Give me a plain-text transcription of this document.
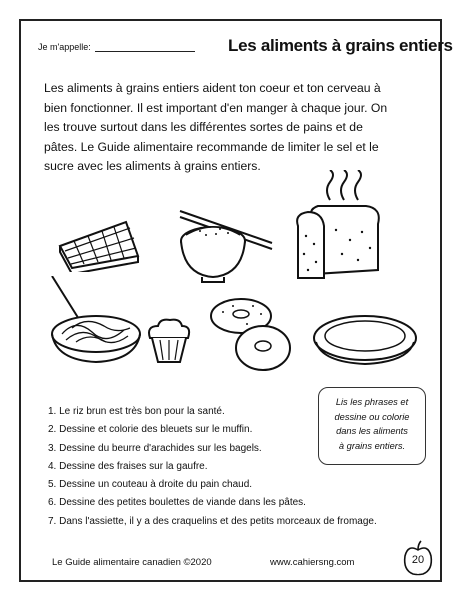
Je m'appelle:	Les aliments à grains entiers
Les aliments à grains entiers aident ton coeur et ton cerveau à
bien fonctionner. Il est important d'en manger à chaque jour. On
les trouve surtout dans les différentes sortes de pains et de
pâtes. Le Guide alimentaire recommande de limiter le sel et le
sucre avec les aliments à grains entiers.
1. Le riz brun est très bon pour la santé.
2. Dessine et colorie des bleuets sur le muffin.
3. Dessine du beurre d'arachides sur les bagels.
4. Dessine des fraises sur la gaufre.
5. Dessine un couteau à droite du pain chaud.
6. Dessine des petites boulettes de viande dans les pâtes.
7. Dans l'assiette, il y a des craquelins et des petits morceaux de fromage.
Lis les phrases et
dessine ou colorie
dans les aliments
à grains entiers.
Le Guide alimentaire canadien ©2020	www.cahiersng.com	20
